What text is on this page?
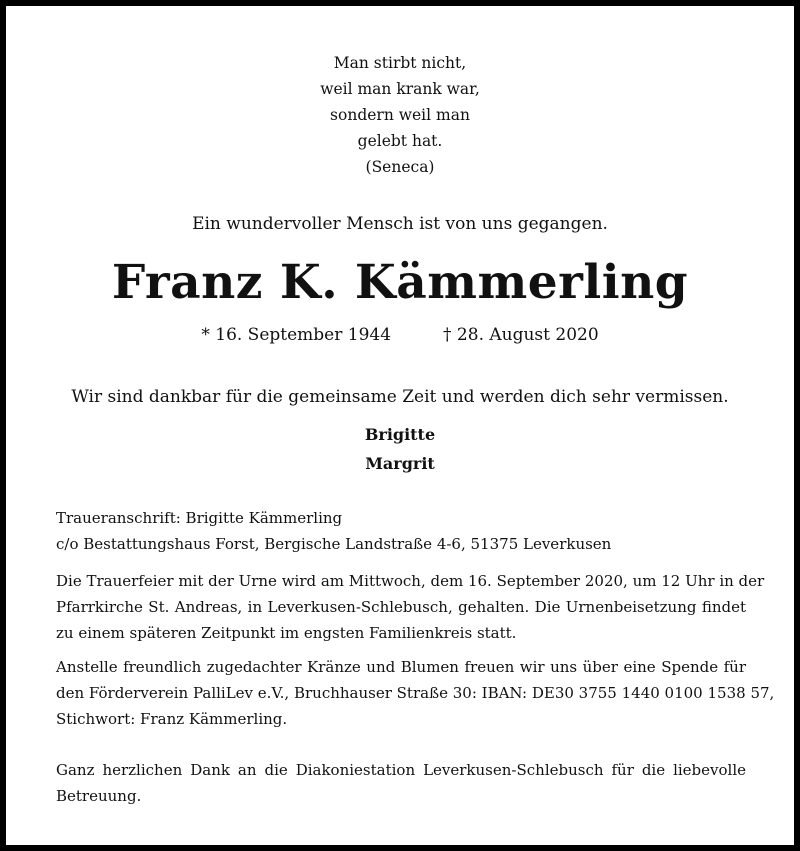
Man stirbt nicht,
weil man krank war,
sondern weil man
gelebt hat.
(Seneca)
Ein wundervoller Mensch ist von uns gegangen.
Franz K. Kämmerling
* 16. September 1944	† 28. August 2020
Wir sind dankbar für die gemeinsame Zeit und werden dich sehr vermissen.
Brigitte
Margrit
Traueranschrift: Brigitte Kämmerling
c/o Bestattungshaus Forst, Bergische Landstraße 4-6, 51375 Leverkusen
Die Trauerfeier mit der Urne wird am Mittwoch, dem 16. September 2020, um 12 Uhr in der
Pfarrkirche St. Andreas, in Leverkusen-Schlebusch, gehalten. Die Urnenbeisetzung findet
zu einem späteren Zeitpunkt im engsten Familienkreis statt.
Anstelle freundlich zugedachter Kränze und Blumen freuen wir uns über eine Spende für
den Förderverein PalliLev e.V., Bruchhauser Straße 30: IBAN: DE30 3755 1440 0100 1538 57,
Stichwort: Franz Kämmerling.
Ganz herzlichen Dank an die Diakoniestation Leverkusen-Schlebusch für die liebevolle
Betreuung.
